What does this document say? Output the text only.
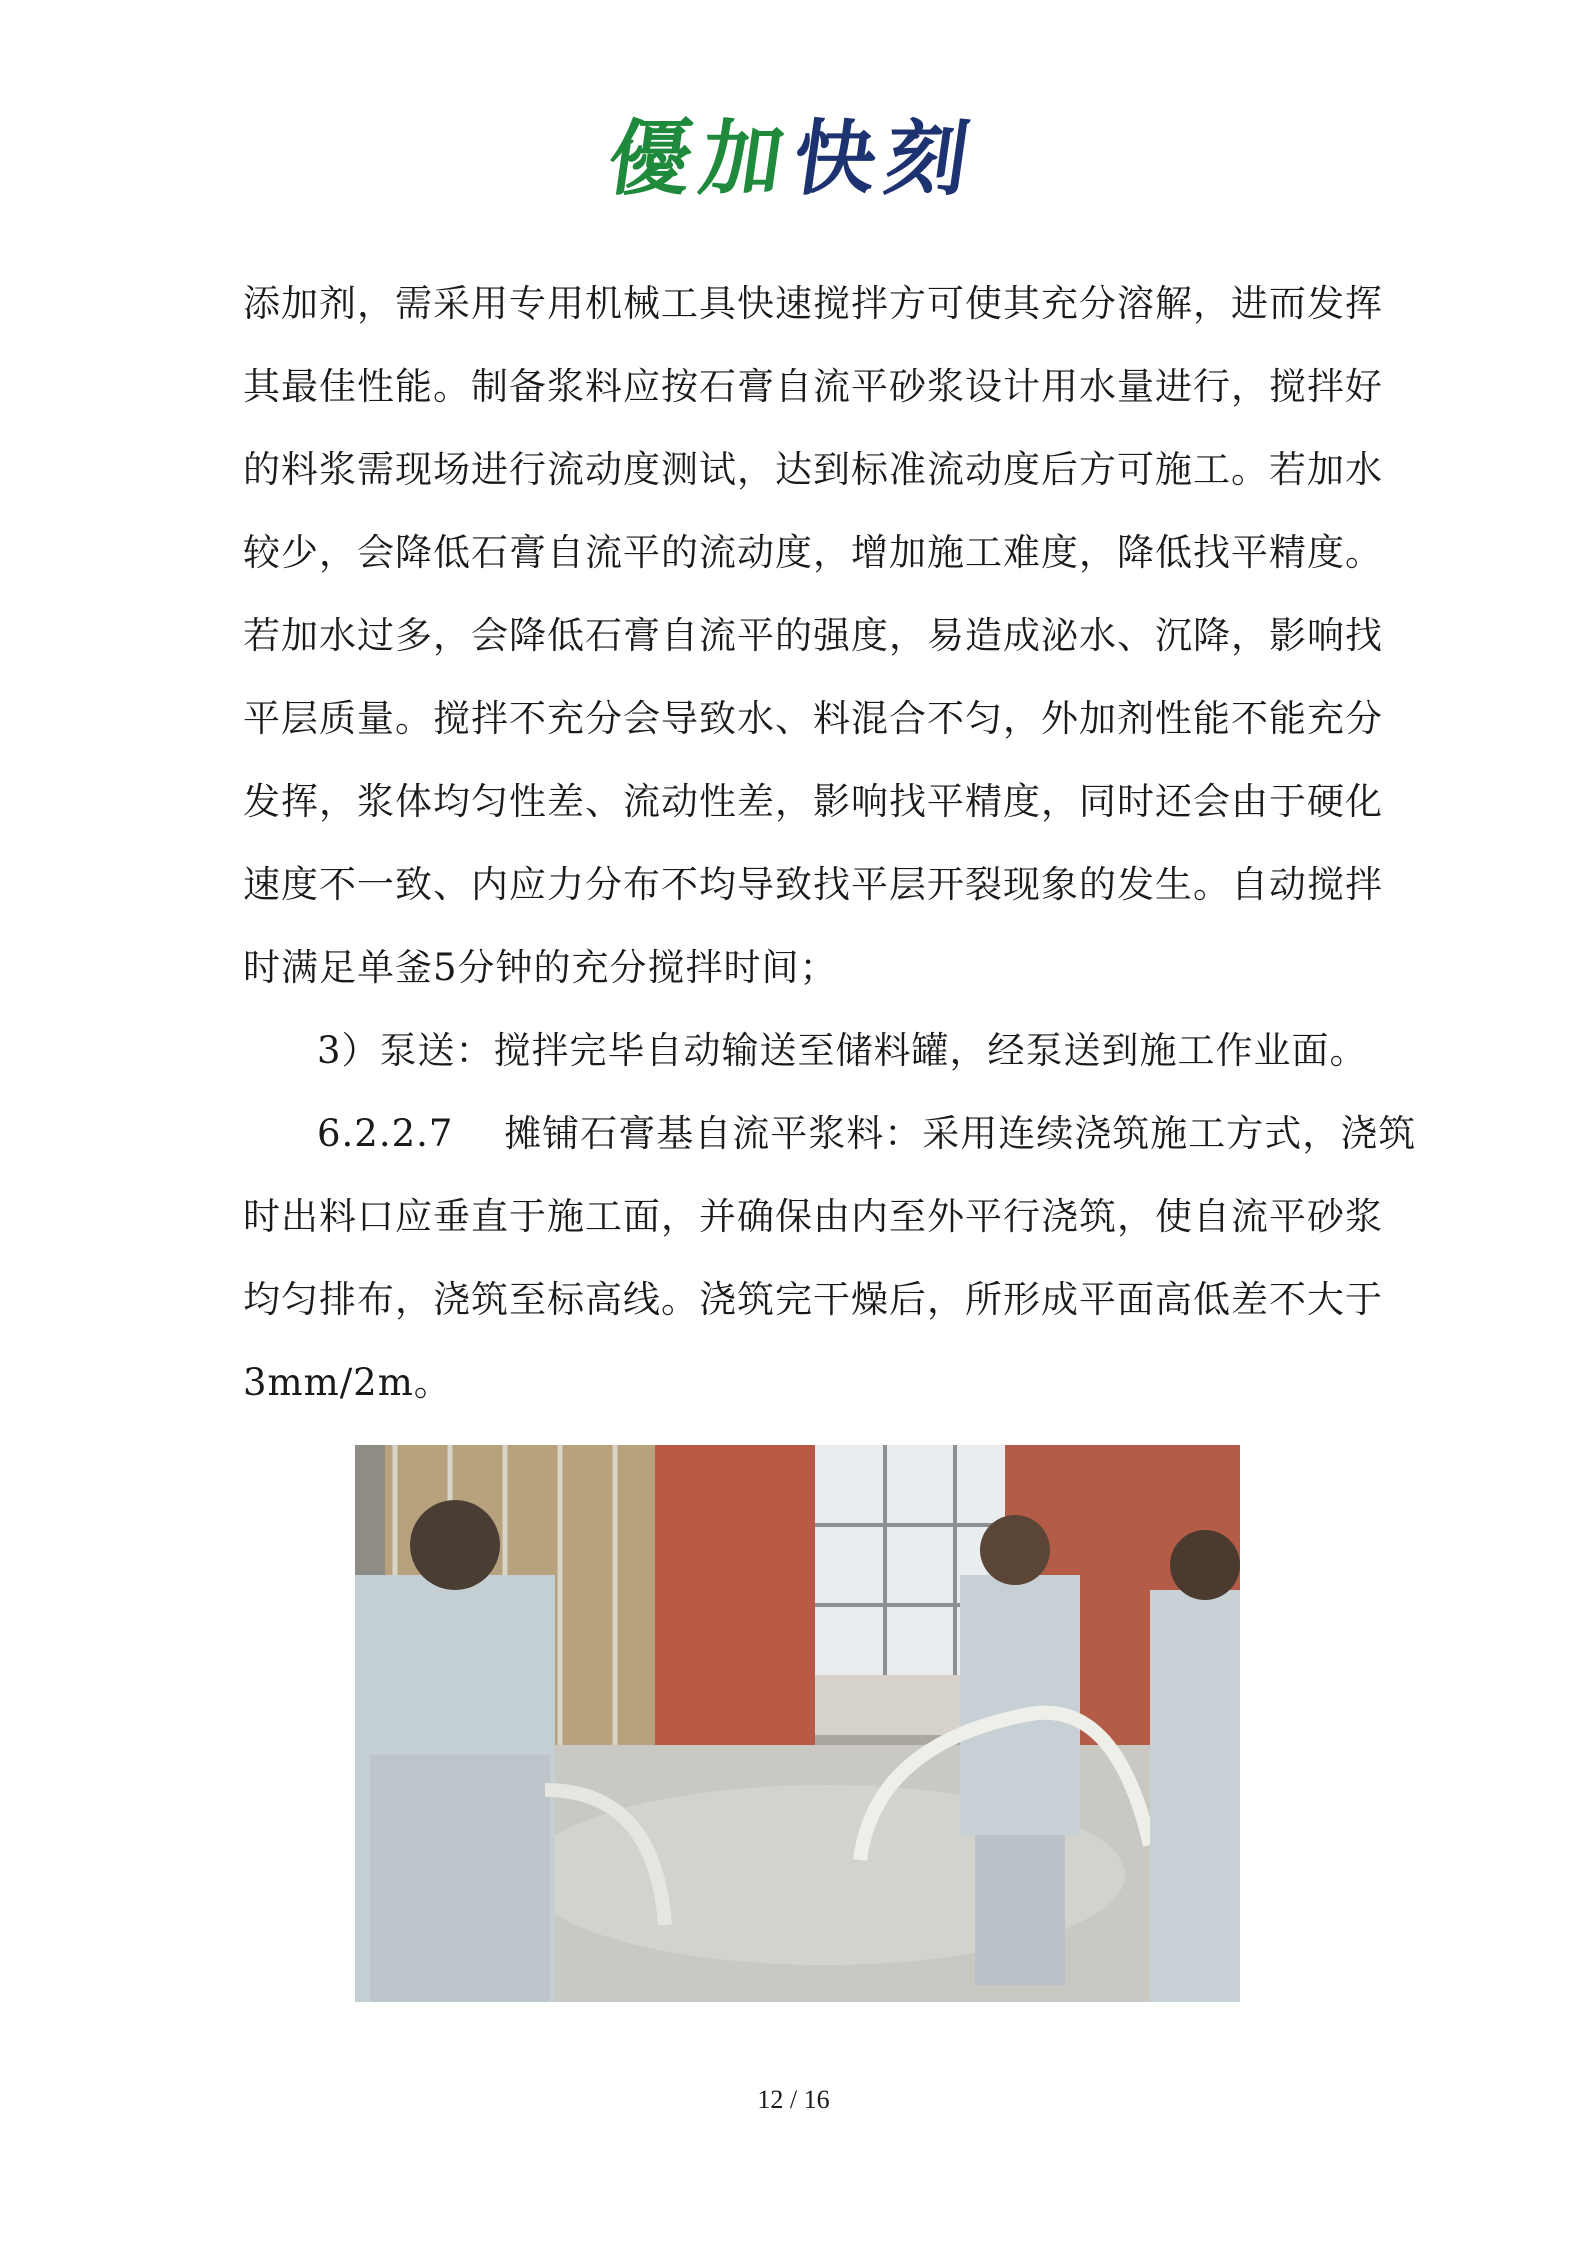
優加快刻

添加剂，需采用专用机械工具快速搅拌方可使其充分溶解，进而发挥
其最佳性能。制备浆料应按石膏自流平砂浆设计用水量进行，搅拌好
的料浆需现场进行流动度测试，达到标准流动度后方可施工。若加水
较少，会降低石膏自流平的流动度，增加施工难度，降低找平精度。
若加水过多，会降低石膏自流平的强度，易造成泌水、沉降，影响找
平层质量。搅拌不充分会导致水、料混合不匀，外加剂性能不能充分
发挥，浆体均匀性差、流动性差，影响找平精度，同时还会由于硬化
速度不一致、内应力分布不均导致找平层开裂现象的发生。自动搅拌
时满足单釜5分钟的充分搅拌时间；

3）泵送：搅拌完毕自动输送至储料罐，经泵送到施工作业面。

6.2.2.7　 摊铺石膏基自流平浆料：采用连续浇筑施工方式，浇筑
时出料口应垂直于施工面，并确保由内至外平行浇筑，使自流平砂浆
均匀排布，浇筑至标高线。浇筑完干燥后，所形成平面高低差不大于
3mm/2m。

12 / 16
